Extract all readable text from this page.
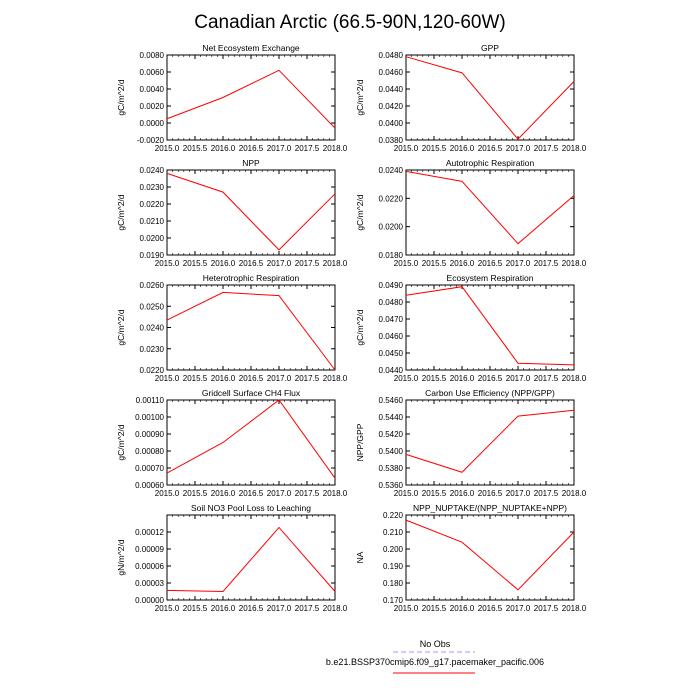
Canadian Arctic (66.5-90N,120-60W)
Net Ecosystem Exchange
2015.0 2015.5 2016.0 2016.5 2017.0 2017.5 2018.0
-0.0020
0.0000
0.0020
0.0040
0.0060
0.0080
gC/m^2/d
GPP
2015.0 2015.5 2016.0 2016.5 2017.0 2017.5 2018.0
0.0380
0.0400
0.0420
0.0440
0.0460
0.0480
gC/m^2/d
NPP
2015.0 2015.5 2016.0 2016.5 2017.0 2017.5 2018.0
0.0190
0.0200
0.0210
0.0220
0.0230
0.0240
gC/m^2/d
Autotrophic Respiration
2015.0 2015.5 2016.0 2016.5 2017.0 2017.5 2018.0
0.0180
0.0200
0.0220
0.0240
gC/m^2/d
Heterotrophic Respiration
2015.0 2015.5 2016.0 2016.5 2017.0 2017.5 2018.0
0.0220
0.0230
0.0240
0.0250
0.0260
gC/m^2/d
Ecosystem Respiration
2015.0 2015.5 2016.0 2016.5 2017.0 2017.5 2018.0
0.0440
0.0450
0.0460
0.0470
0.0480
0.0490
gC/m^2/d
Gridcell Surface CH4 Flux
2015.0 2015.5 2016.0 2016.5 2017.0 2017.5 2018.0
0.00060
0.00070
0.00080
0.00090
0.00100
0.00110
gC/m^2/d
Carbon Use Efficiency (NPP/GPP)
2015.0 2015.5 2016.0 2016.5 2017.0 2017.5 2018.0
0.5360
0.5380
0.5400
0.5420
0.5440
0.5460
NPP/GPP
Soil NO3 Pool Loss to Leaching
2015.0 2015.5 2016.0 2016.5 2017.0 2017.5 2018.0
0.00000
0.00003
0.00006
0.00009
0.00012
gN/m^2/d
NPP_NUPTAKE/(NPP_NUPTAKE+NPP)
2015.0 2015.5 2016.0 2016.5 2017.0 2017.5 2018.0
0.170
0.180
0.190
0.200
0.210
0.220
NA
No Obs
b.e21.BSSP370cmip6.f09_g17.pacemaker_pacific.006
